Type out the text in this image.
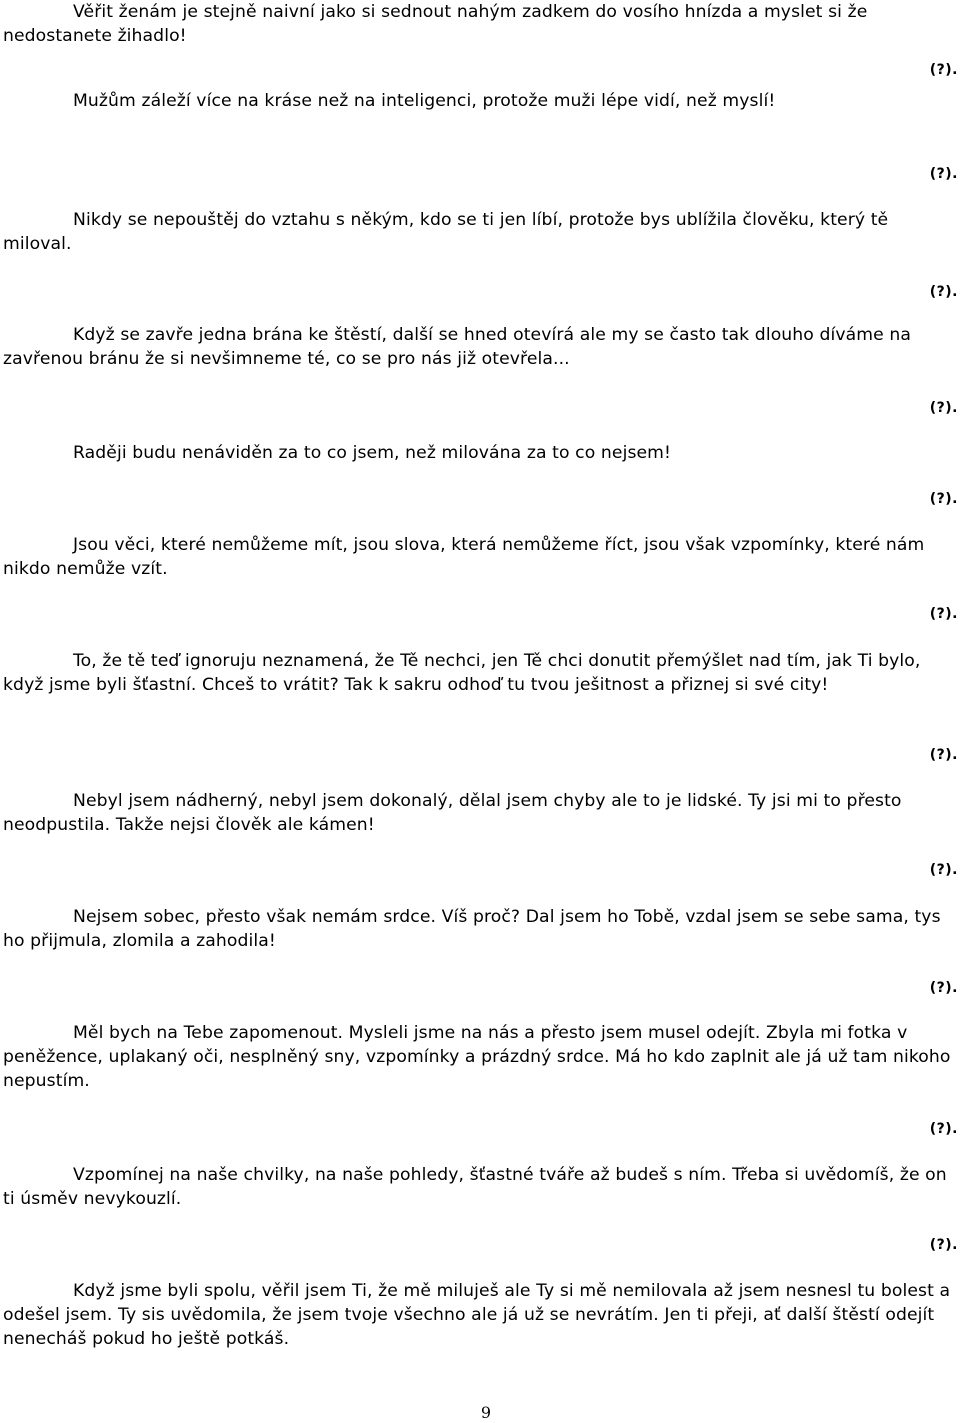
Věřit ženám je stejně naivní jako si sednout nahým zadkem do vosího hnízda a myslet si že nedostanete žihadlo!

(?).

Mužům záleží více na kráse než na inteligenci, protože muži lépe vidí, než myslí!

(?).

Nikdy se nepouštěj do vztahu s někým, kdo se ti jen líbí, protože bys ublížila člověku, který tě miloval.

(?).

Když se zavře jedna brána ke štěstí, další se hned otevírá ale my se často tak dlouho díváme na zavřenou bránu že si nevšimneme té, co se pro nás již otevřela...

(?).

Raději budu nenáviděn za to co jsem, než milována za to co nejsem!

(?).

Jsou věci, které nemůžeme mít, jsou slova, která nemůžeme říct, jsou však vzpomínky, které nám nikdo nemůže vzít.

(?).

To, že tě teď ignoruju neznamená, že Tě nechci, jen Tě chci donutit přemýšlet nad tím, jak Ti bylo, když jsme byli šťastní. Chceš to vrátit? Tak k sakru odhoď tu tvou ješitnost a přiznej si své city!

(?).

Nebyl jsem nádherný, nebyl jsem dokonalý, dělal jsem chyby ale to je lidské. Ty jsi mi to přesto neodpustila. Takže nejsi člověk ale kámen!

(?).

Nejsem sobec, přesto však nemám srdce. Víš proč? Dal jsem ho Tobě, vzdal jsem se sebe sama, tys ho přijmula, zlomila a zahodila!

(?).

Měl bych na Tebe zapomenout. Mysleli jsme na nás a přesto jsem musel odejít. Zbyla mi fotka v peněžence, uplakaný oči, nesplněný sny, vzpomínky a prázdný srdce. Má ho kdo zaplnit ale já už tam nikoho nepustím.

(?).

Vzpomínej na naše chvilky, na naše pohledy, šťastné tváře až budeš s ním. Třeba si uvědomíš, že on ti úsměv nevykouzlí.

(?).

Když jsme byli spolu, věřil jsem Ti, že mě miluješ ale Ty si mě nemilovala až jsem nesnesl tu bolest a odešel jsem. Ty sis uvědomila, že jsem tvoje všechno ale já už se nevrátím. Jen ti přeji, ať další štěstí odejít nenecháš pokud ho ještě potkáš.

9
